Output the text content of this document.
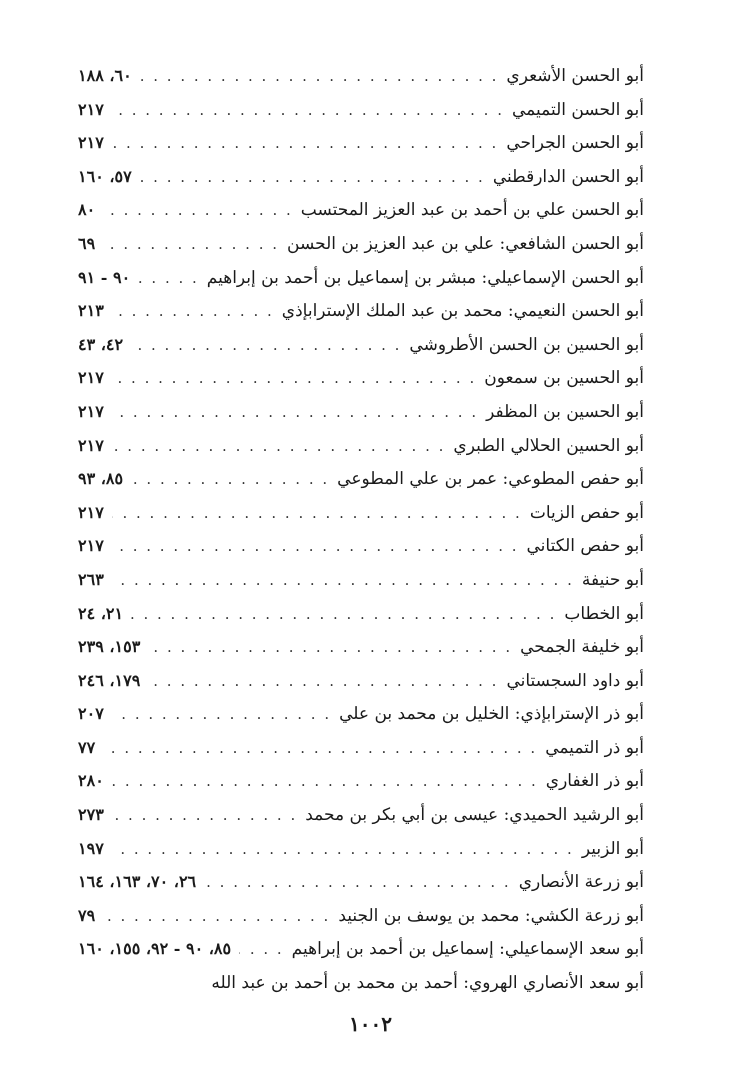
أبو الحسن الأشعري
. . .
٦٠، ١٨٨
أبو الحسن التميمي
. . .
٢١٧
أبو الحسن الجراحي
. . .
٢١٧
أبو الحسن الدارقطني
. . .
٥٧، ١٦٠
أبو الحسن علي بن أحمد بن عبد العزيز المحتسب
. . .
٨٠
أبو الحسن الشافعي: علي بن عبد العزيز بن الحسن
. . .
٦٩
أبو الحسن الإسماعيلي: مبشر بن إسماعيل بن أحمد بن إبراهيم
. . .
٩٠ - ٩١
أبو الحسن النعيمي: محمد بن عبد الملك الإسترابإذي
. . .
٢١٣
أبو الحسين بن الحسن الأطروشي
. . .
٤٢، ٤٣
أبو الحسين بن سمعون
. . .
٢١٧
أبو الحسين بن المظفر
. . .
٢١٧
أبو الحسين الحلالي الطبري
. . .
٢١٧
أبو حفص المطوعي: عمر بن علي المطوعي
. . .
٨٥، ٩٣
أبو حفص الزيات
. . .
٢١٧
أبو حفص الكتاني
. . .
٢١٧
أبو حنيفة
. . .
٢٦٣
أبو الخطاب
. . .
٢١، ٢٤
أبو خليفة الجمحي
. . .
١٥٣، ٢٣٩
أبو داود السجستاني
. . .
١٧٩، ٢٤٦
أبو ذر الإسترابإذي: الخليل بن محمد بن علي
. . .
٢٠٧
أبو ذر التميمي
. . .
٧٧
أبو ذر الغفاري
. . .
٢٨٠
أبو الرشيد الحميدي: عيسى بن أبي بكر بن محمد
. . .
٢٧٣
أبو الزبير
. . .
١٩٧
أبو زرعة الأنصاري
. . .
٢٦، ٧٠، ١٦٣، ١٦٤
أبو زرعة الكشي: محمد بن يوسف بن الجنيد
. . .
٧٩
أبو سعد الإسماعيلي: إسماعيل بن أحمد بن إبراهيم
. . .
٨٥، ٩٠ - ٩٢، ١٥٥، ١٦٠
أبو سعد الأنصاري الهروي: أحمد بن محمد بن أحمد بن عبد الله
١٠٠٢
